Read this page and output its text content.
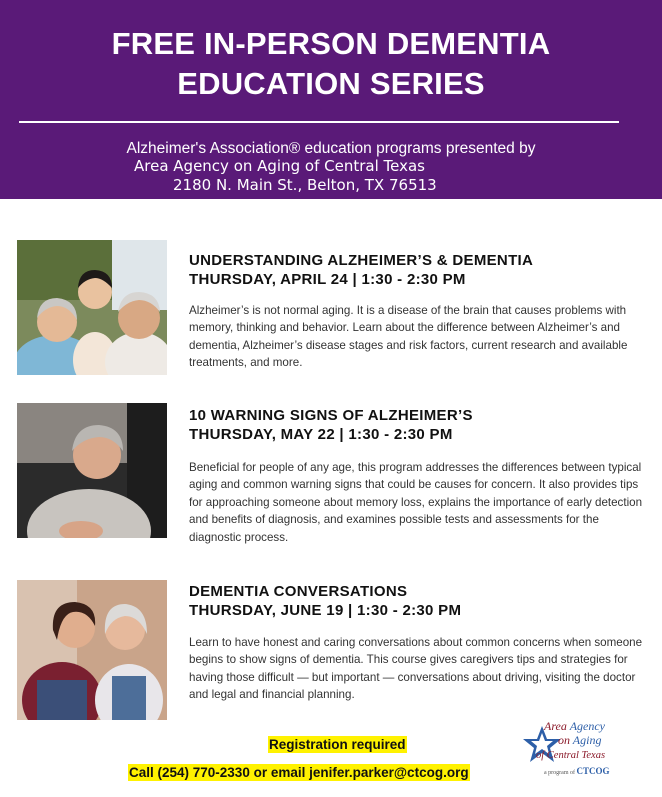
FREE IN-PERSON DEMENTIA
EDUCATION SERIES
Alzheimer's Association® education programs presented by
Area Agency on Aging of Central Texas
2180 N. Main St., Belton, TX 76513
UNDERSTANDING ALZHEIMER’S & DEMENTIA
THURSDAY, APRIL 24 | 1:30 - 2:30 PM
Alzheimer’s is not normal aging. It is a disease of the brain that causes problems with memory, thinking and behavior. Learn about the difference between Alzheimer’s and dementia, Alzheimer’s disease stages and risk factors, current research and available treatments, and more.
10 WARNING SIGNS OF ALZHEIMER’S
THURSDAY, MAY 22 | 1:30 - 2:30 PM
Beneficial for people of any age, this program addresses the differences between typical aging and common warning signs that could be causes for concern. It also provides tips for approaching someone about memory loss, explains the importance of early detection and benefits of diagnosis, and examines possible tests and assessments for the diagnostic process.
DEMENTIA CONVERSATIONS
THURSDAY, JUNE 19 | 1:30 - 2:30 PM
Learn to have honest and caring conversations about common concerns when someone begins to show signs of dementia. This course gives caregivers tips and strategies for having those difficult — but important — conversations about driving, visiting the doctor and legal and financial planning.
Registration required
Call (254) 770-2330 or email jenifer.parker@ctcog.org
Area Agency
on Aging
of Central Texas
a program of CTCOG
